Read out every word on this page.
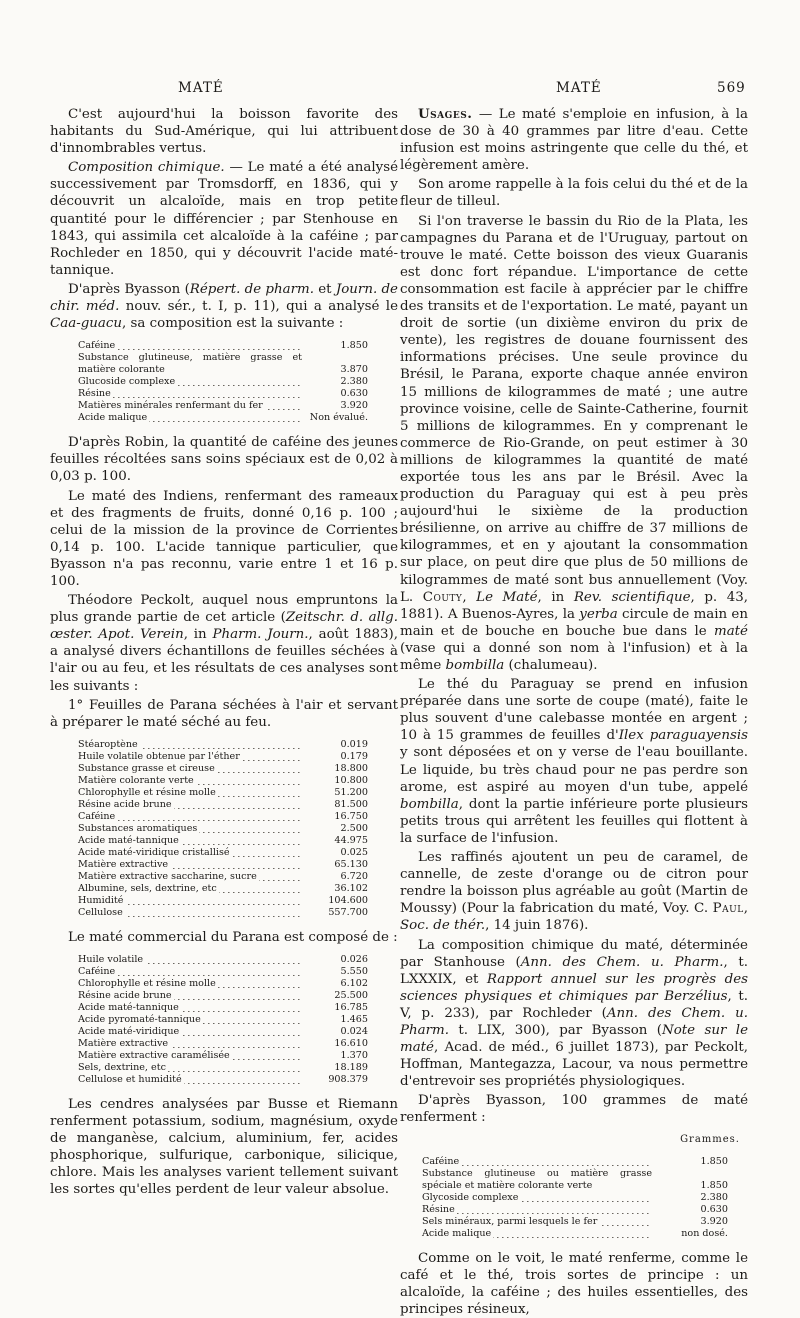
MATÉ	MATÉ	569

C'est aujourd'hui la boisson favorite des habitants du Sud-Amérique, qui lui attribuent d'innombrables vertus.

Composition chimique. — Le maté a été analysé successivement par Tromsdorff, en 1836, qui y découvrit un alcaloïde, mais en trop petite quantité pour le différencier ; par Stenhouse en 1843, qui assimila cet alcaloïde à la caféine ; par Rochleder en 1850, qui y découvrit l'acide maté-tannique.

D'après Byasson (Répert. de pharm. et Journ. de chir. méd. nouv. sér., t. I, p. 11), qui a analysé le Caa-guacu, sa composition est la suivante :

Caféine	1.850
Substance glutineuse, matière grasse et matière colorante	3.870
Glucoside complexe	2.380
Résine	0.630
Matières minérales renfermant du fer	3.920
Acide malique	Non évalué.

D'après Robin, la quantité de caféine des jeunes feuilles récoltées sans soins spéciaux est de 0,02 à 0,03 p. 100.

Le maté des Indiens, renfermant des rameaux et des fragments de fruits, donné 0,16 p. 100 ; celui de la mission de la province de Corrientes 0,14 p. 100. L'acide tannique particulier, que Byasson n'a pas reconnu, varie entre 1 et 16 p. 100.

Théodore Peckolt, auquel nous empruntons la plus grande partie de cet article (Zeitschr. d. allg. œster. Apot. Verein, in Pharm. Journ., août 1883), a analysé divers échantillons de feuilles séchées à l'air ou au feu, et les résultats de ces analyses sont les suivants :

1° Feuilles de Parana séchées à l'air et servant à préparer le maté séché au feu.

Stéaroptène	0.019
Huile volatile obtenue par l'éther	0.179
Substance grasse et cireuse	18.800
Matière colorante verte	10.800
Chlorophylle et résine molle	51.200
Résine acide brune	81.500
Caféine	16.750
Substances aromatiques	2.500
Acide maté-tannique	44.975
Acide maté-viridique cristallisé	0.025
Matière extractive	65.130
Matière extractive saccharine, sucre	6.720
Albumine, sels, dextrine, etc	36.102
Humidité	104.600
Cellulose	557.700

Le maté commercial du Parana est composé de :

Huile volatile	0.026
Caféine	5.550
Chlorophylle et résine molle	6.102
Résine acide brune	25.500
Acide maté-tannique	16.785
Acide pyromaté-tannique	1.465
Acide maté-viridique	0.024
Matière extractive	16.610
Matière extractive caramélisée	1.370
Sels, dextrine, etc	18.189
Cellulose et humidité	908.379

Les cendres analysées par Busse et Riemann renferment potassium, sodium, magnésium, oxyde de manganèse, calcium, aluminium, fer, acides phosphorique, sulfurique, carbonique, silicique, chlore. Mais les analyses varient tellement suivant les sortes qu'elles perdent de leur valeur absolue.

Usages. — Le maté s'emploie en infusion, à la dose de 30 à 40 grammes par litre d'eau. Cette infusion est moins astringente que celle du thé, et légèrement amère.

Son arome rappelle à la fois celui du thé et de la fleur de tilleul.

Si l'on traverse le bassin du Rio de la Plata, les campagnes du Parana et de l'Uruguay, partout on trouve le maté. Cette boisson des vieux Guaranis est donc fort répandue. L'importance de cette consommation est facile à apprécier par le chiffre des transits et de l'exportation. Le maté, payant un droit de sortie (un dixième environ du prix de vente), les registres de douane fournissent des informations précises. Une seule province du Brésil, le Parana, exporte chaque année environ 15 millions de kilogrammes de maté ; une autre province voisine, celle de Sainte-Catherine, fournit 5 millions de kilogrammes. En y comprenant le commerce de Rio-Grande, on peut estimer à 30 millions de kilogrammes la quantité de maté exportée tous les ans par le Brésil. Avec la production du Paraguay qui est à peu près aujourd'hui le sixième de la production brésilienne, on arrive au chiffre de 37 millions de kilogrammes, et en y ajoutant la consommation sur place, on peut dire que plus de 50 millions de kilogrammes de maté sont bus annuellement (Voy. L. Couty, Le Maté, in Rev. scientifique, p. 43, 1881). A Buenos-Ayres, la yerba circule de main en main et de bouche en bouche bue dans le maté (vase qui a donné son nom à l'infusion) et à la même bombilla (chalumeau).

Le thé du Paraguay se prend en infusion préparée dans une sorte de coupe (maté), faite le plus souvent d'une calebasse montée en argent ; 10 à 15 grammes de feuilles d'Ilex paraguayensis y sont déposées et on y verse de l'eau bouillante. Le liquide, bu très chaud pour ne pas perdre son arome, est aspiré au moyen d'un tube, appelé bombilla, dont la partie inférieure porte plusieurs petits trous qui arrêtent les feuilles qui flottent à la surface de l'infusion.

Les raffinés ajoutent un peu de caramel, de cannelle, de zeste d'orange ou de citron pour rendre la boisson plus agréable au goût (Martin de Moussy) (Pour la fabrication du maté, Voy. C. Paul, Soc. de thér., 14 juin 1876).

La composition chimique du maté, déterminée par Stanhouse (Ann. des Chem. u. Pharm., t. LXXXIX, et Rapport annuel sur les progrès des sciences physiques et chimiques par Berzélius, t. V, p. 233), par Rochleder (Ann. des Chem. u. Pharm. t. LIX, 300), par Byasson (Note sur le maté, Acad. de méd., 6 juillet 1873), par Peckolt, Hoffman, Mantegazza, Lacour, va nous permettre d'entrevoir ses propriétés physiologiques.

D'après Byasson, 100 grammes de maté renferment :

Grammes.
Caféine	1.850
Substance glutineuse ou matière grasse spéciale et matière colorante verte	1.850
Glycoside complexe	2.380
Résine	0.630
Sels minéraux, parmi lesquels le fer	3.920
Acide malique	non dosé.

Comme on le voit, le maté renferme, comme le café et le thé, trois sortes de principe : un alcaloïde, la caféine ; des huiles essentielles, des principes résineux,
